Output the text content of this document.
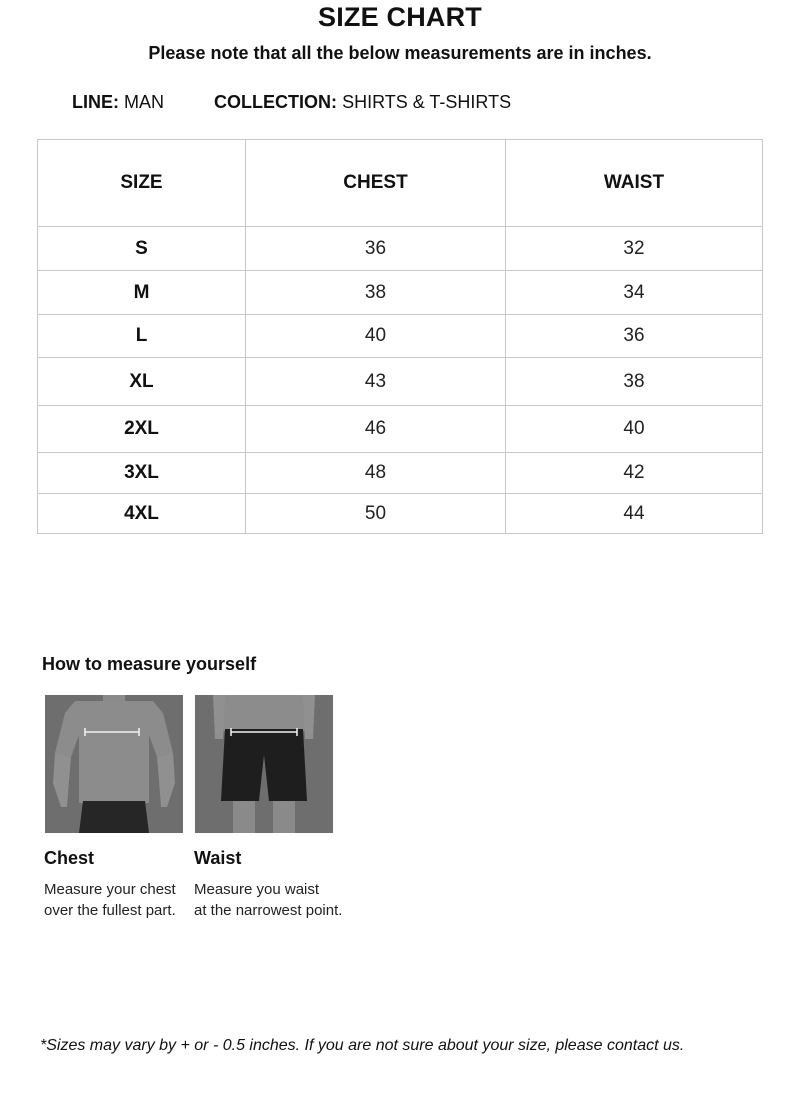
SIZE CHART
Please note that all the below measurements are in inches.
LINE: MAN	COLLECTION: SHIRTS & T-SHIRTS
SIZE	CHEST	WAIST
S	36	32
M	38	34
L	40	36
XL	43	38
2XL	46	40
3XL	48	42
4XL	50	44
How to measure yourself
Chest
Measure your chest
over the fullest part.
Waist
Measure you waist
at the narrowest point.
*Sizes may vary by + or - 0.5 inches. If you are not sure about your size, please contact us.
